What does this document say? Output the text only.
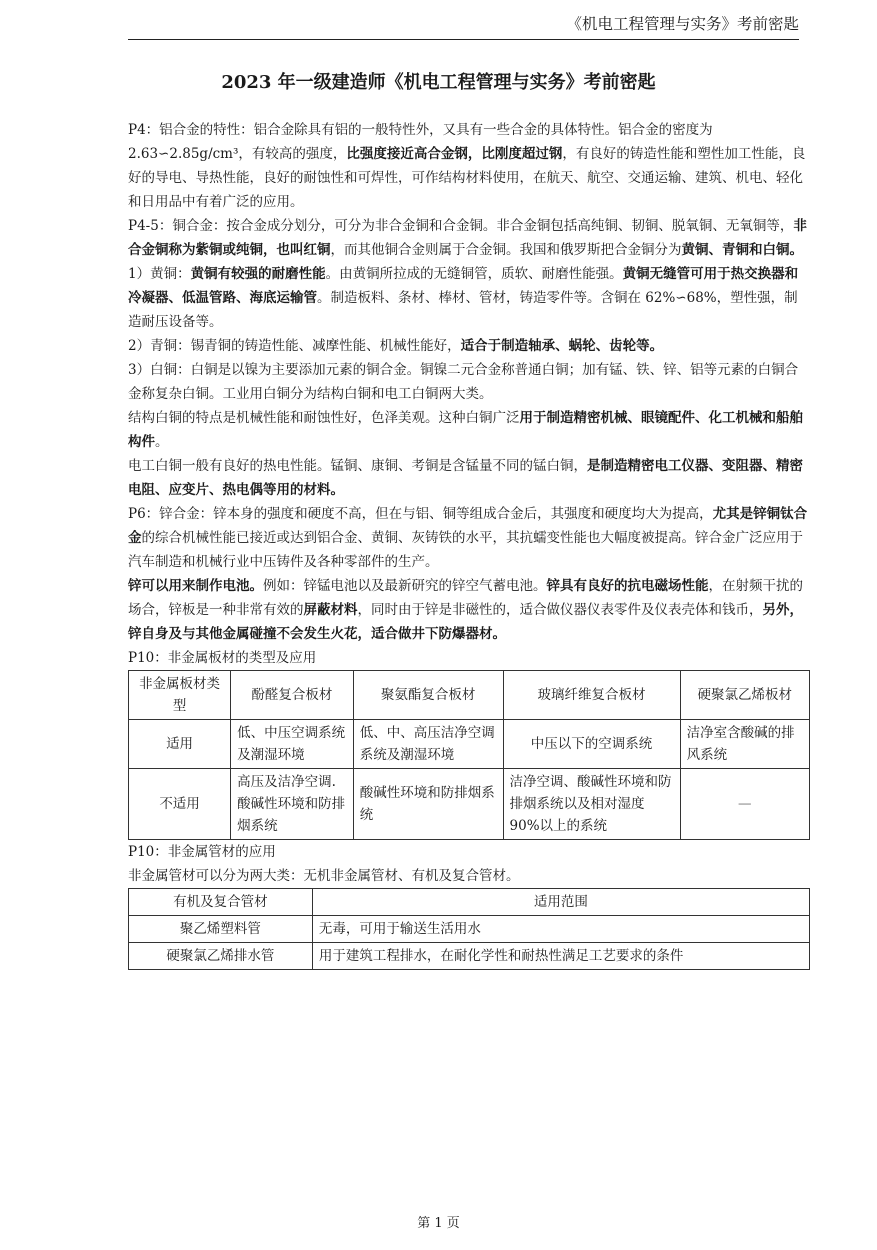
《机电工程管理与实务》考前密匙
2023 年一级建造师《机电工程管理与实务》考前密匙

P4：铝合金的特性：铝合金除具有铝的一般特性外，又具有一些合金的具体特性。铝合金的密度为 2.63∽2.85g/cm³，有较高的强度，比强度接近高合金钢，比刚度超过钢，有良好的铸造性能和塑性加工性能，良好的导电、导热性能，良好的耐蚀性和可焊性，可作结构材料使用，在航天、航空、交通运输、建筑、机电、轻化和日用品中有着广泛的应用。

P4-5：铜合金：按合金成分划分，可分为非合金铜和合金铜。非合金铜包括高纯铜、韧铜、脱氧铜、无氧铜等，非合金铜称为紫铜或纯铜，也叫红铜，而其他铜合金则属于合金铜。我国和俄罗斯把合金铜分为黄铜、青铜和白铜。

1）黄铜：黄铜有较强的耐磨性能。由黄铜所拉成的无缝铜管，质软、耐磨性能强。黄铜无缝管可用于热交换器和冷凝器、低温管路、海底运输管。制造板料、条材、棒材、管材，铸造零件等。含铜在 62%∽68%，塑性强，制造耐压设备等。

2）青铜：锡青铜的铸造性能、减摩性能、机械性能好，适合于制造轴承、蜗轮、齿轮等。

3）白铜：白铜是以镍为主要添加元素的铜合金。铜镍二元合金称普通白铜；加有锰、铁、锌、铝等元素的白铜合金称复杂白铜。工业用白铜分为结构白铜和电工白铜两大类。

结构白铜的特点是机械性能和耐蚀性好，色泽美观。这种白铜广泛用于制造精密机械、眼镜配件、化工机械和船舶构件。

电工白铜一般有良好的热电性能。锰铜、康铜、考铜是含锰量不同的锰白铜，是制造精密电工仪器、变阻器、精密电阻、应变片、热电偶等用的材料。

P6：锌合金：锌本身的强度和硬度不高，但在与铝、铜等组成合金后，其强度和硬度均大为提高，尤其是锌铜钛合金的综合机械性能已接近或达到铝合金、黄铜、灰铸铁的水平，其抗蠕变性能也大幅度被提高。锌合金广泛应用于汽车制造和机械行业中压铸件及各种零部件的生产。

锌可以用来制作电池。例如：锌锰电池以及最新研究的锌空气蓄电池。锌具有良好的抗电磁场性能，在射频干扰的场合，锌板是一种非常有效的屏蔽材料，同时由于锌是非磁性的，适合做仪器仪表零件及仪表壳体和钱币，另外，锌自身及与其他金属碰撞不会发生火花，适合做井下防爆器材。

P10：非金属板材的类型及应用

非金属板材类型	酚醛复合板材	聚氨酯复合板材	玻璃纤维复合板材	硬聚氯乙烯板材
适用	低、中压空调系统及潮湿环境	低、中、高压洁净空调系统及潮湿环境	中压以下的空调系统	洁净室含酸碱的排风系统
不适用	高压及洁净空调.酸碱性环境和防排烟系统	酸碱性环境和防排烟系统	洁净空调、酸碱性环境和防排烟系统以及相对湿度 90%以上的系统	—

P10：非金属管材的应用

非金属管材可以分为两大类：无机非金属管材、有机及复合管材。

有机及复合管材	适用范围
聚乙烯塑料管	无毒，可用于输送生活用水
硬聚氯乙烯排水管	用于建筑工程排水，在耐化学性和耐热性满足工艺要求的条件
第 1 页
